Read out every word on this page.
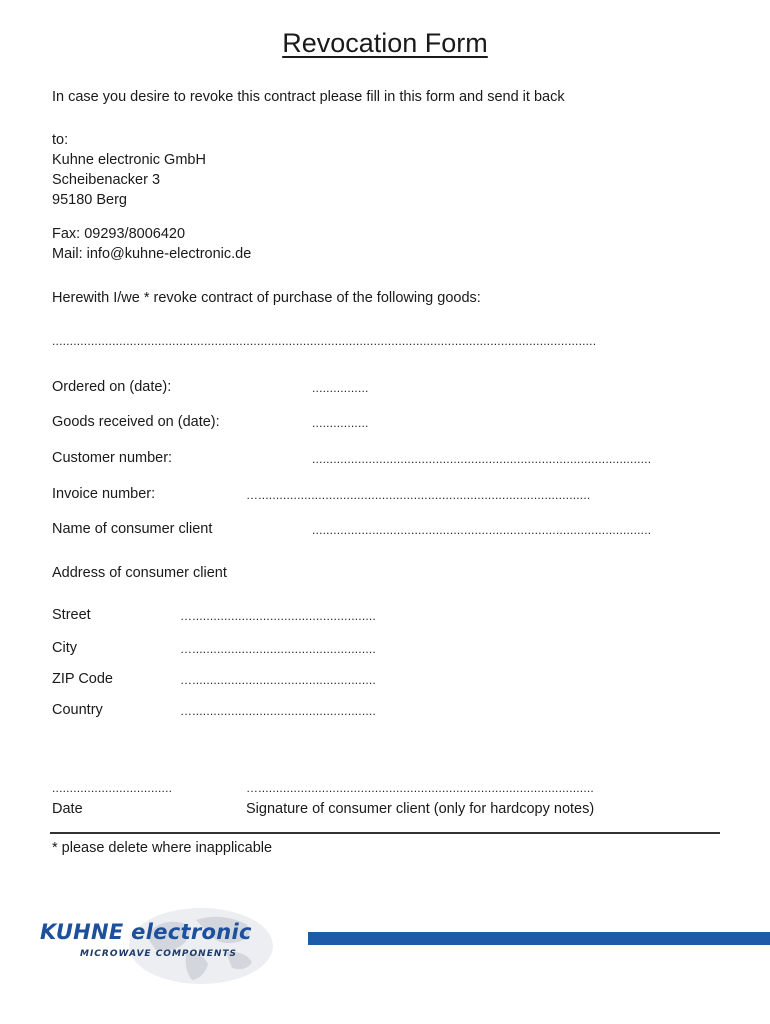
Revocation Form
In case you desire to revoke this contract please fill in this form and send it back
to:
Kuhne electronic GmbH
Scheibenacker 3
95180 Berg
Fax: 09293/8006420
Mail: info@kuhne-electronic.de
Herewith I/we * revoke contract of purchase of the following goods:
..........................................................................................................................................................
Ordered on (date):	................
Goods received on (date):	................
Customer number:	................................................................................................
Invoice number:	…..............................................................................................
Name of consumer client	................................................................................................
Address of consumer client
Street	…....................................................
City	…....................................................
ZIP Code	…....................................................
Country	…....................................................
..................................	…...............................................................................................
Date	Signature of consumer client (only for hardcopy notes)
* please delete where inapplicable
KUHNE electronic
MICROWAVE COMPONENTS
